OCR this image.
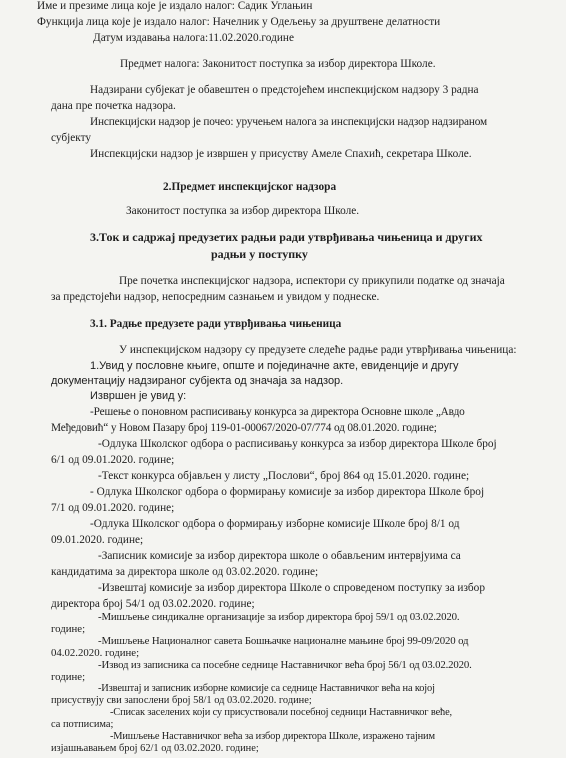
Име и презиме лица које је издало налог: Садик Углањин
Функција лица које је издало налог: Начелник у Одељењу за друштвене делатности
Датум издавања налога:11.02.2020.године
Предмет налога: Законитост поступка за избор директора Школе.
Надзирани субјекат је обавештен о предстојећем инспекцијском надзору 3 радна
дана пре почетка надзора.
Инспекцијски надзор је почео: уручењем налога за инспекцијски надзор надзираном
субјекту
Инспекцијски надзор је извршен у присуству Амеле Спахић, секретара Школе.
2.Предмет инспекцијског надзора
Законитост поступка за избор директора Школе.
3.Ток и садржај предузетих радњи ради утврђивања чињеница и других
радњи у поступку
Пре почетка инспекцијског надзора, испектори су прикупили податке од значаја
за предстојећи надзор, непосредним сазнањем и увидом у поднеске.
3.1. Радње предузете ради утврђивања чињеница
У инспекцијском надзору су предузете следеће радње ради утврђивања чињеница:
1.Увид у пословне књиге, опште и појединачне акте, евиденције и другу
документацију надзираног субјекта од значаја за надзор.
Извршен је увид у:
-Решење о поновном расписивању конкурса за директора Основне школе „Авдо
Међедовић“ у Новом Пазару број 119-01-00067/2020-07/774 од 08.01.2020. године;
-Одлука Школског одбора о расписивању конкурса за избор директора Школе број
6/1 од 09.01.2020. године;
-Текст конкурса објављен у листу „Послови“, број 864 од 15.01.2020. године;
- Одлука Школског одбора о формирању комисије за избор директора Школе број
7/1 од 09.01.2020. године;
-Одлука Школског одбора о формирању изборне комисије Школе број 8/1 од
09.01.2020. године;
-Записник комисије за избор директора школе о обављеним интервјуима са
кандидатима за директора школе од 03.02.2020. године;
-Извештај комисије за избор директора Школе о спроведеном поступку за избор
директора број 54/1 од 03.02.2020. године;
-Мишљење синдикалне организације за избор директора број 59/1 од 03.02.2020.
године;
-Мишљење Националног савета Бошњачке националне мањине број 99-09/2020 од
04.02.2020. године;
-Извод из записника са посебне седнице Наставничког већа број 56/1 од 03.02.2020.
године;
-Извештај и записник изборне комисије са седнице Наставничког већа на којој
присуствују сви запослени број 58/1 од 03.02.2020. године;
-Списак заселених који су присуствовали посебној седници Наставничког већe,
са потписима;
-Мишљење Наставничког већа за избор директора Школе, изражено тајним
изјашњавањем број 62/1 од 03.02.2020. године;
